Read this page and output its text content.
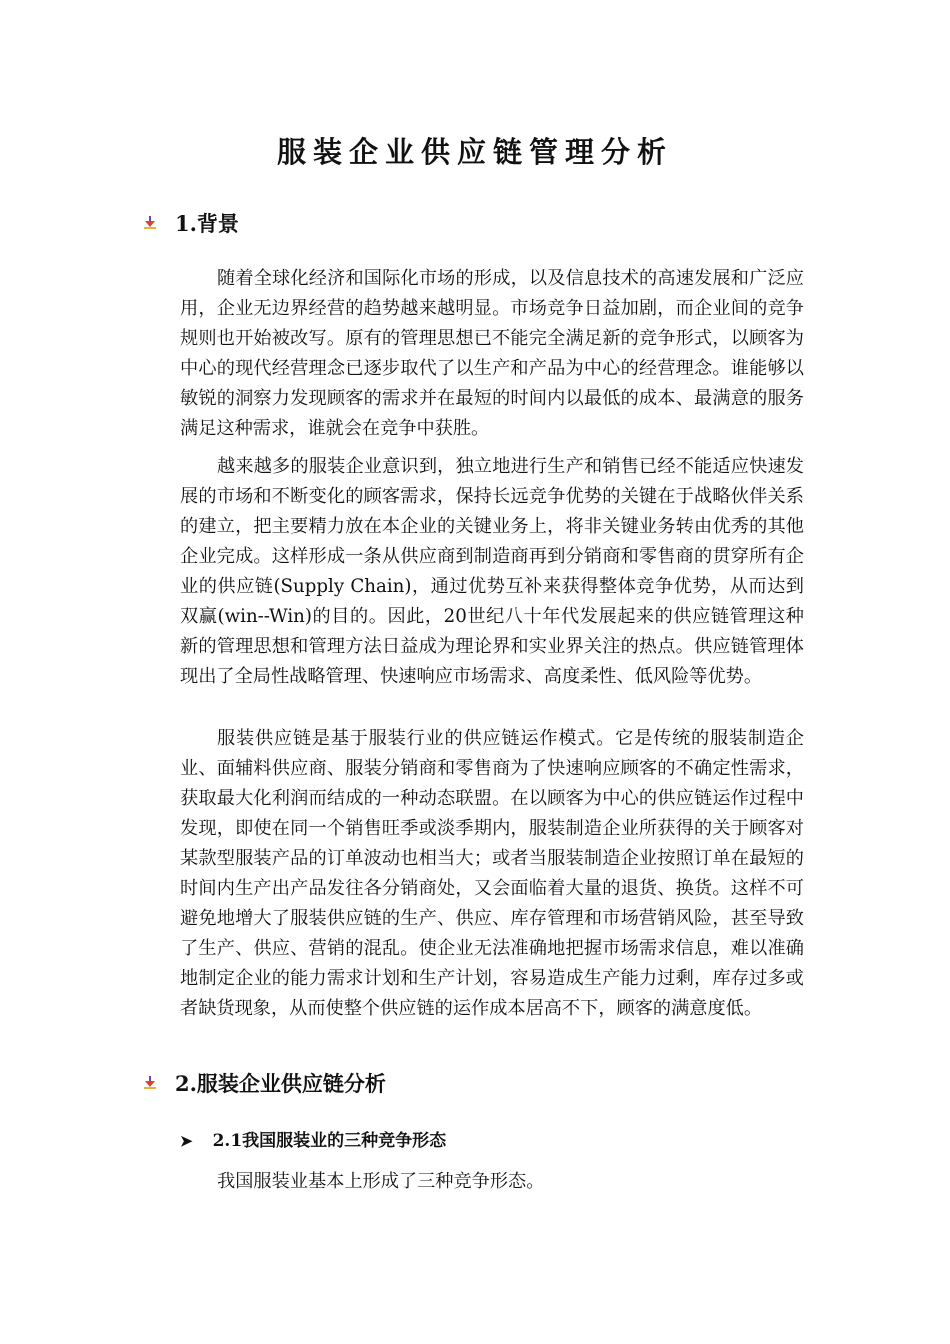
服装企业供应链管理分析
1.背景

随着全球化经济和国际化市场的形成，以及信息技术的高速发展和广泛应用，企业无边界经营的趋势越来越明显。市场竞争日益加剧，而企业间的竞争规则也开始被改写。原有的管理思想已不能完全满足新的竞争形式，以顾客为中心的现代经营理念已逐步取代了以生产和产品为中心的经营理念。谁能够以敏锐的洞察力发现顾客的需求并在最短的时间内以最低的成本、最满意的服务满足这种需求，谁就会在竞争中获胜。

越来越多的服装企业意识到，独立地进行生产和销售已经不能适应快速发展的市场和不断变化的顾客需求，保持长远竞争优势的关键在于战略伙伴关系的建立，把主要精力放在本企业的关键业务上，将非关键业务转由优秀的其他企业完成。这样形成一条从供应商到制造商再到分销商和零售商的贯穿所有企业的供应链(Supply Chain)，通过优势互补来获得整体竞争优势，从而达到双赢(win--Win)的目的。因此，20世纪八十年代发展起来的供应链管理这种新的管理思想和管理方法日益成为理论界和实业界关注的热点。供应链管理体现出了全局性战略管理、快速响应市场需求、高度柔性、低风险等优势。

服装供应链是基于服装行业的供应链运作模式。它是传统的服装制造企业、面辅料供应商、服装分销商和零售商为了快速响应顾客的不确定性需求，获取最大化利润而结成的一种动态联盟。在以顾客为中心的供应链运作过程中发现，即使在同一个销售旺季或淡季期内，服装制造企业所获得的关于顾客对某款型服装产品的订单波动也相当大；或者当服装制造企业按照订单在最短的时间内生产出产品发往各分销商处，又会面临着大量的退货、换货。这样不可避免地增大了服装供应链的生产、供应、库存管理和市场营销风险，甚至导致了生产、供应、营销的混乱。使企业无法准确地把握市场需求信息，难以准确地制定企业的能力需求计划和生产计划，容易造成生产能力过剩，库存过多或者缺货现象，从而使整个供应链的运作成本居高不下，顾客的满意度低。

2.服装企业供应链分析
➤ 2.1我国服装业的三种竞争形态

我国服装业基本上形成了三种竞争形态。
